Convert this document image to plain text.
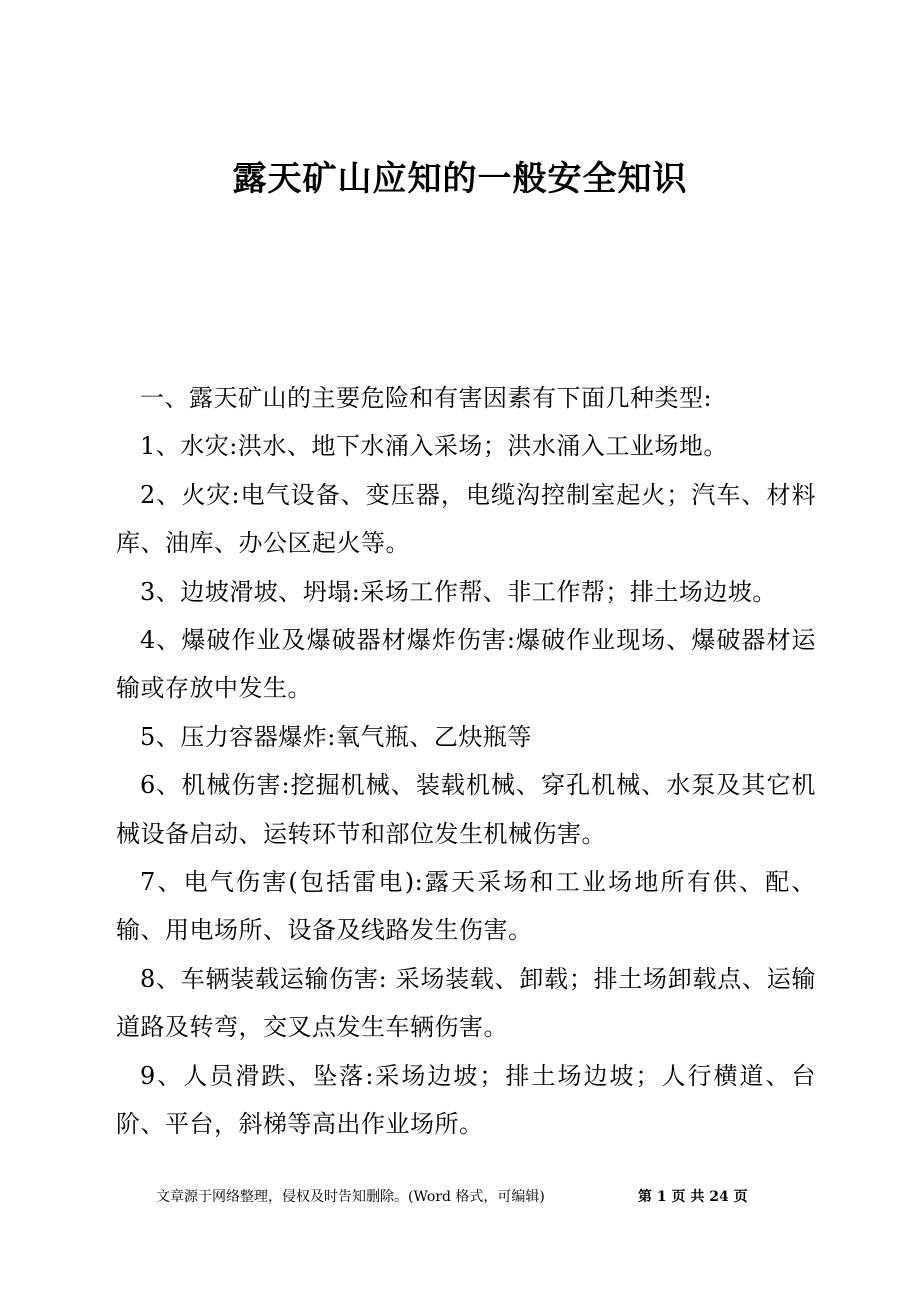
露天矿山应知的一般安全知识

一、露天矿山的主要危险和有害因素有下面几种类型:

1、水灾:洪水、地下水涌入采场；洪水涌入工业场地。

2、火灾:电气设备、变压器，电缆沟控制室起火；汽车、材料库、油库、办公区起火等。

3、边坡滑坡、坍塌:采场工作帮、非工作帮；排土场边坡。

4、爆破作业及爆破器材爆炸伤害:爆破作业现场、爆破器材运输或存放中发生。

5、压力容器爆炸:氧气瓶、乙炔瓶等

6、机械伤害:挖掘机械、装载机械、穿孔机械、水泵及其它机械设备启动、运转环节和部位发生机械伤害。

7、电气伤害(包括雷电):露天采场和工业场地所有供、配、输、用电场所、设备及线路发生伤害。

8、车辆装载运输伤害: 采场装载、卸载；排土场卸载点、运输道路及转弯，交叉点发生车辆伤害。

9、人员滑跌、坠落:采场边坡；排土场边坡；人行横道、台阶、平台，斜梯等高出作业场所。

文章源于网络整理，侵权及时告知删除。(Word 格式，可编辑)	第 1 页 共 24 页
